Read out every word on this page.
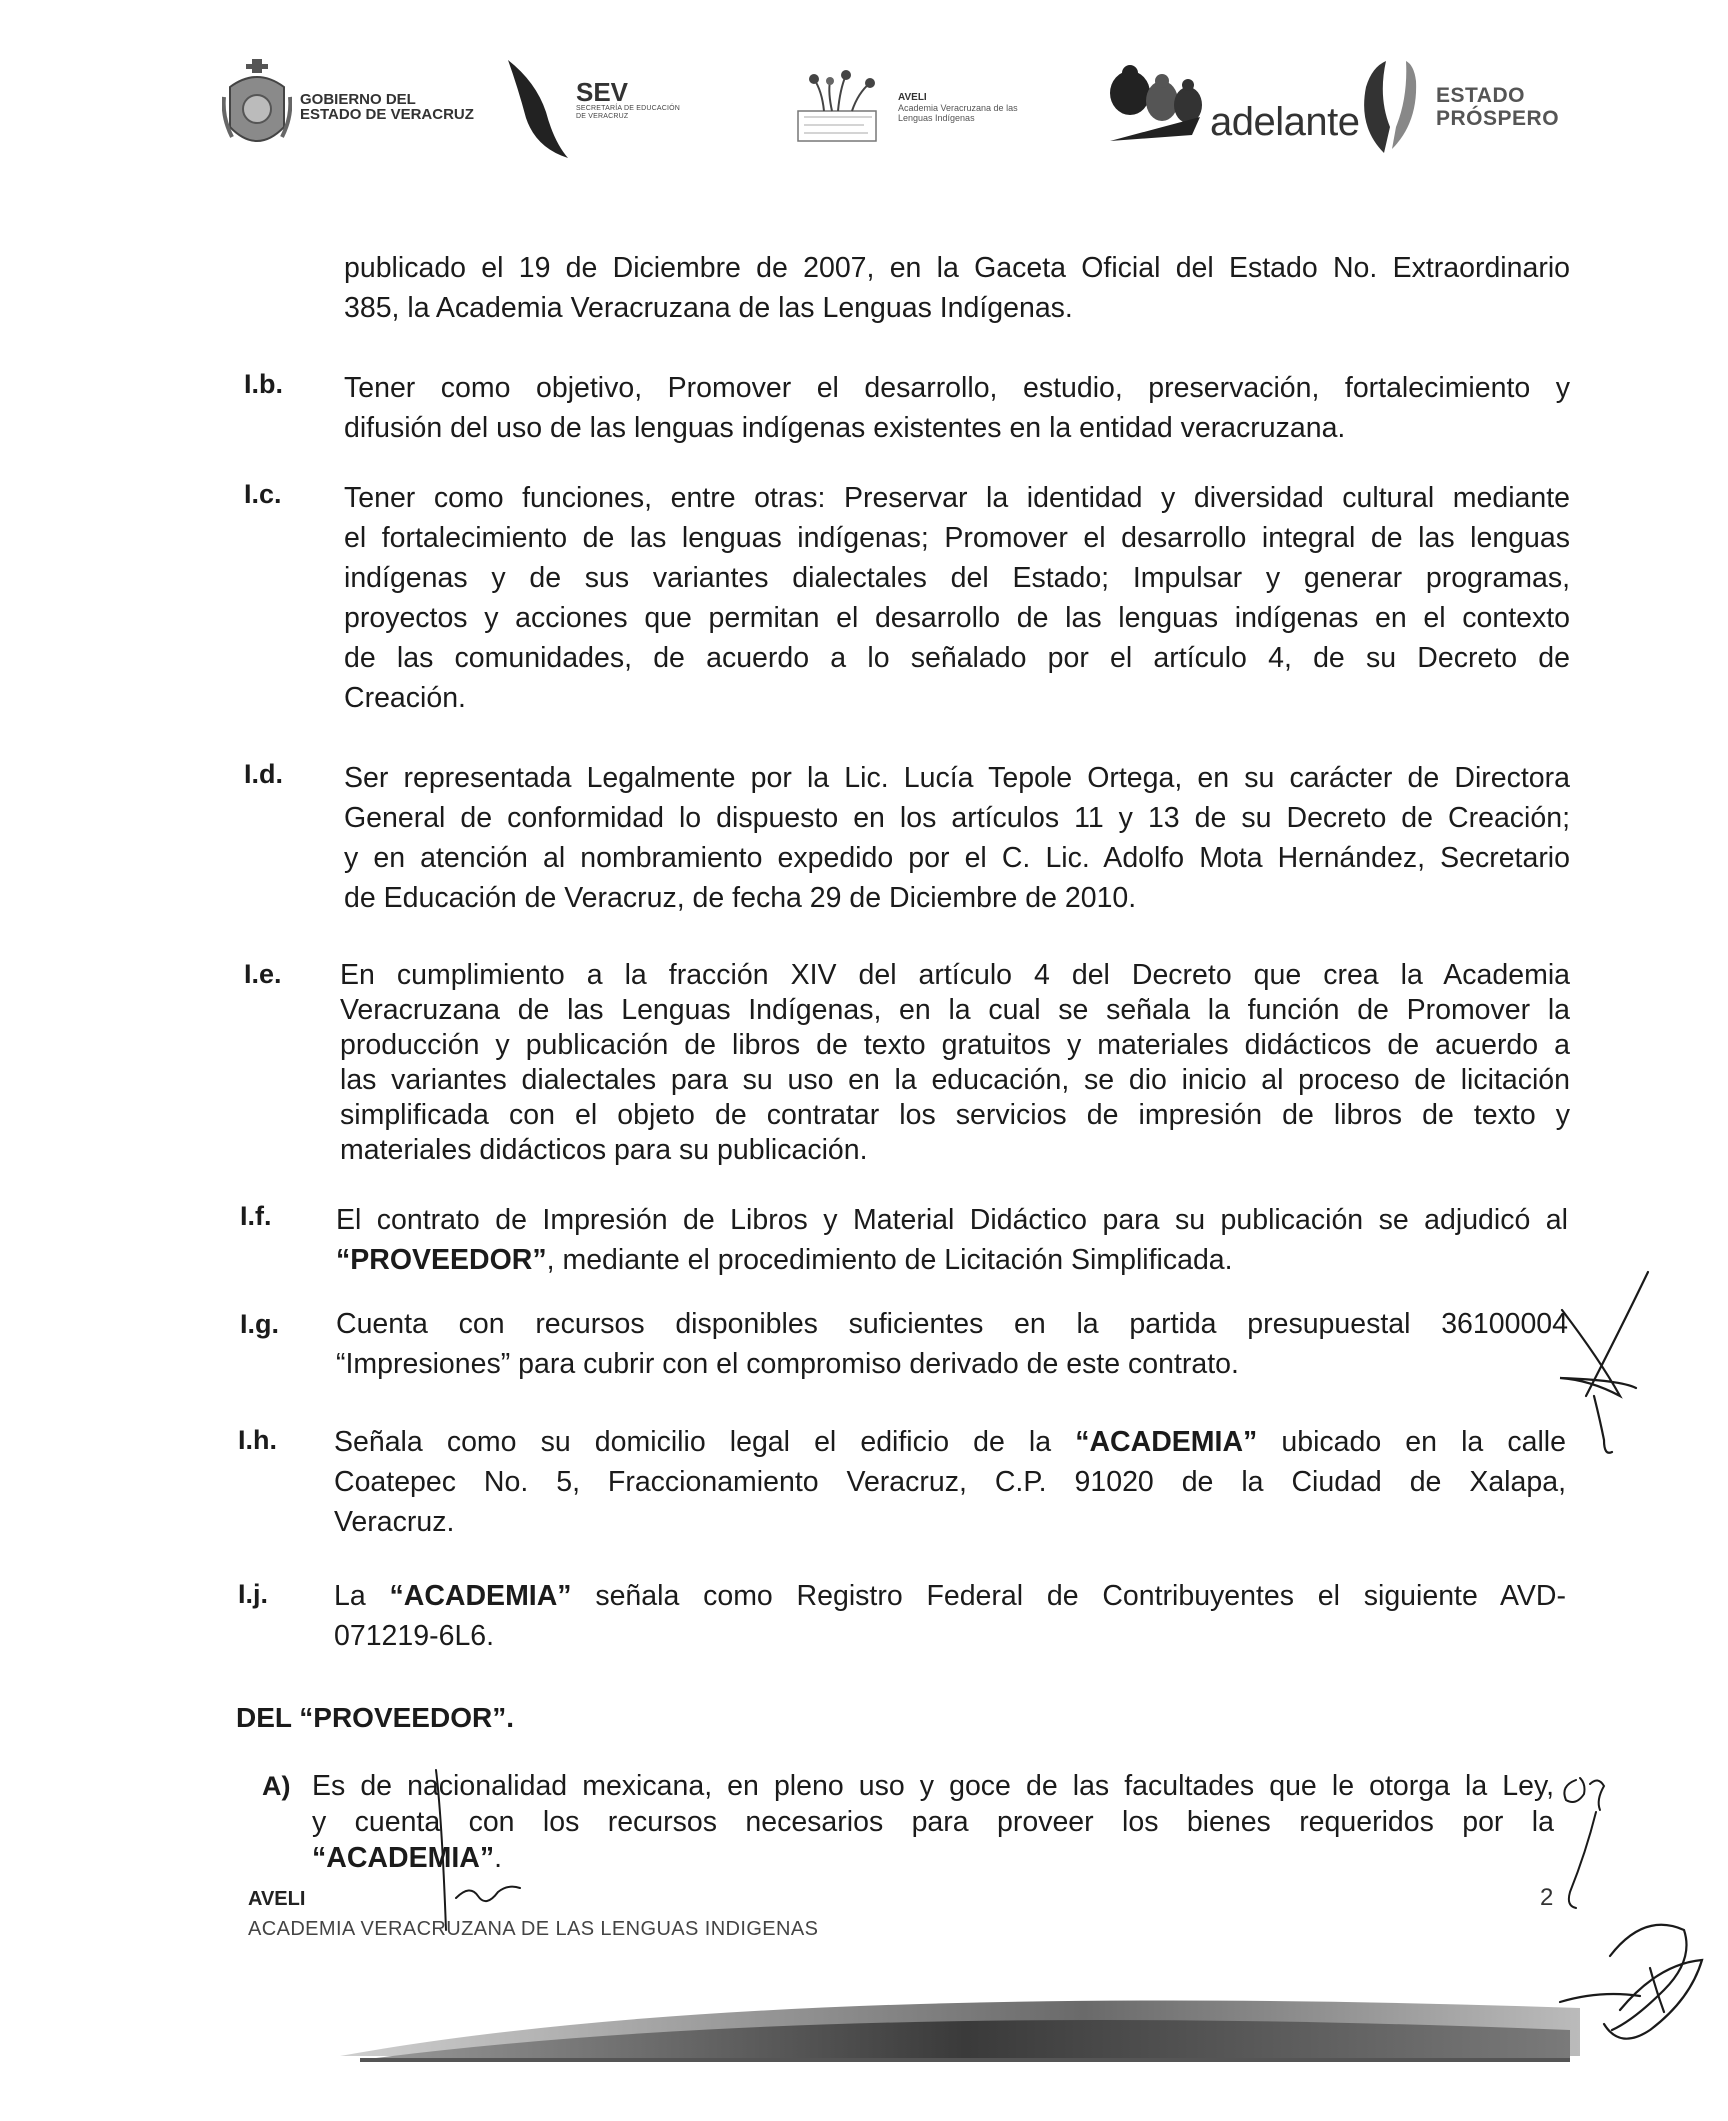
GOBIERNO DEL
ESTADO DE VERACRUZ
SEV
SECRETARÍA DE EDUCACIÓN
DE VERACRUZ
AVELI
Academia Veracruzana de las
Lenguas Indígenas	adelante
ESTADO
PRÓSPERO
publicado el 19 de Diciembre de 2007, en la Gaceta Oficial del Estado No. Extraordinario
385, la Academia Veracruzana de las Lenguas Indígenas.
I.b. Tener como objetivo, Promover el desarrollo, estudio, preservación, fortalecimiento y
difusión del uso de las lenguas indígenas existentes en la entidad veracruzana.
I.c. Tener como funciones, entre otras: Preservar la identidad y diversidad cultural mediante
el fortalecimiento de las lenguas indígenas; Promover el desarrollo integral de las lenguas
indígenas y de sus variantes dialectales del Estado; Impulsar y generar programas,
proyectos y acciones que permitan el desarrollo de las lenguas indígenas en el contexto
de las comunidades, de acuerdo a lo señalado por el artículo 4, de su Decreto de
Creación.
I.d. Ser representada Legalmente por la Lic. Lucía Tepole Ortega, en su carácter de Directora
General de conformidad lo dispuesto en los artículos 11 y 13 de su Decreto de Creación;
y en atención al nombramiento expedido por el C. Lic. Adolfo Mota Hernández, Secretario
de Educación de Veracruz, de fecha 29 de Diciembre de 2010.
I.e. En cumplimiento a la fracción XIV del artículo 4 del Decreto que crea la Academia
Veracruzana de las Lenguas Indígenas, en la cual se señala la función de Promover la
producción y publicación de libros de texto gratuitos y materiales didácticos de acuerdo a
las variantes dialectales para su uso en la educación, se dio inicio al proceso de licitación
simplificada con el objeto de contratar los servicios de impresión de libros de texto y
materiales didácticos para su publicación.
I.f. El contrato de Impresión de Libros y Material Didáctico para su publicación se adjudicó al
“PROVEEDOR”, mediante el procedimiento de Licitación Simplificada.
I.g. Cuenta con recursos disponibles suficientes en la partida presupuestal 36100004
“Impresiones” para cubrir con el compromiso derivado de este contrato.
I.h. Señala como su domicilio legal el edificio de la “ACADEMIA” ubicado en la calle
Coatepec No. 5, Fraccionamiento Veracruz, C.P. 91020 de la Ciudad de Xalapa,
Veracruz.
I.j. La “ACADEMIA” señala como Registro Federal de Contribuyentes el siguiente AVD-
071219-6L6.
DEL “PROVEEDOR”.
A) Es de nacionalidad mexicana, en pleno uso y goce de las facultades que le otorga la Ley,
y cuenta con los recursos necesarios para proveer los bienes requeridos por la
“ACADEMIA”.
AVELI
ACADEMIA VERACRUZANA DE LAS LENGUAS INDIGENAS
2
